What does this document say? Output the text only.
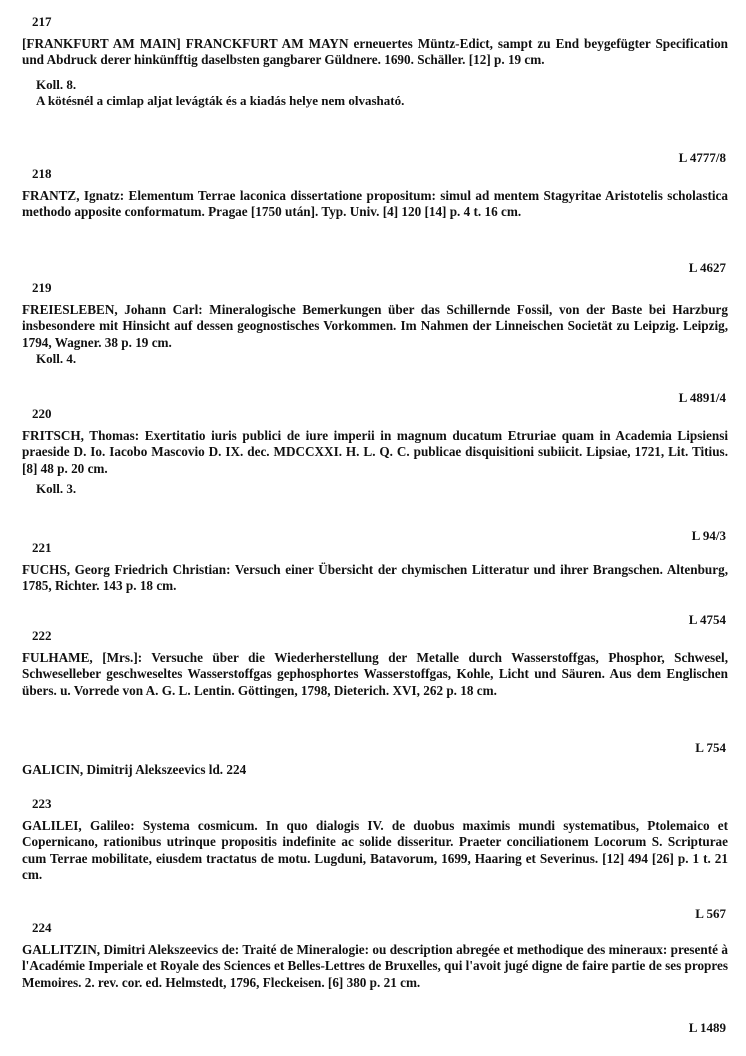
217

[FRANKFURT AM MAIN] FRANCKFURT AM MAYN erneuertes Müntz-Edict, sampt zu End beygefügter Specification und Abdruck derer hinkünfftig daselbsten gangbarer Güldnere. 1690. Schäller. [12] p. 19 cm.

Koll. 8.
A kötésnél a cimlap aljat levágták és a kiadás helye nem olvasható.
L 4777/8
218

FRANTZ, Ignatz: Elementum Terrae laconica dissertatione propositum: simul ad mentem Stagyritae Aristotelis scholastica methodo apposite conformatum. Pragae [1750 után]. Typ. Univ. [4] 120 [14] p. 4 t. 16 cm.

L 4627
219

FREIESLEBEN, Johann Carl: Mineralogische Bemerkungen über das Schillernde Fossil, von der Baste bei Harzburg insbesondere mit Hinsicht auf dessen geognostisches Vorkommen. Im Nahmen der Linneischen Societät zu Leipzig. Leipzig, 1794, Wagner. 38 p. 19 cm.

Koll. 4.
L 4891/4
220

FRITSCH, Thomas: Exertitatio iuris publici de iure imperii in magnum ducatum Etruriae quam in Academia Lipsiensi praeside D. Io. Iacobo Mascovio D. IX. dec. MDCCXXI. H. L. Q. C. publicae disquisitioni subiicit. Lipsiae, 1721, Lit. Titius. [8] 48 p. 20 cm.

Koll. 3.
L 94/3
221

FUCHS, Georg Friedrich Christian: Versuch einer Übersicht der chymischen Litteratur und ihrer Brangschen. Altenburg, 1785, Richter. 143 p. 18 cm.

L 4754
222

FULHAME, [Mrs.]: Versuche über die Wiederherstellung der Metalle durch Wasserstoffgas, Phosphor, Schwesel, Schweselleber geschweseltes Wasserstoffgas gephosphortes Wasserstoffgas, Kohle, Licht und Säuren. Aus dem Englischen übers. u. Vorrede von A. G. L. Lentin. Göttingen, 1798, Dieterich. XVI, 262 p. 18 cm.

L 754
GALICIN, Dimitrij Alekszeevics ld. 224
223

GALILEI, Galileo: Systema cosmicum. In quo dialogis IV. de duobus maximis mundi systematibus, Ptolemaico et Copernicano, rationibus utrinque propositis indefinite ac solide disseritur. Praeter conciliationem Locorum S. Scripturae cum Terrae mobilitate, eiusdem tractatus de motu. Lugduni, Batavorum, 1699, Haaring et Severinus. [12] 494 [26] p. 1 t. 21 cm.

L 567
224

GALLITZIN, Dimitri Alekszeevics de: Traité de Mineralogie: ou description abregée et methodique des mineraux: presenté à l'Académie Imperiale et Royale des Sciences et Belles-Lettres de Bruxelles, qui l'avoit jugé digne de faire partie de ses propres Memoires. 2. rev. cor. ed. Helmstedt, 1796, Fleckeisen. [6] 380 p. 21 cm.

L 1489
